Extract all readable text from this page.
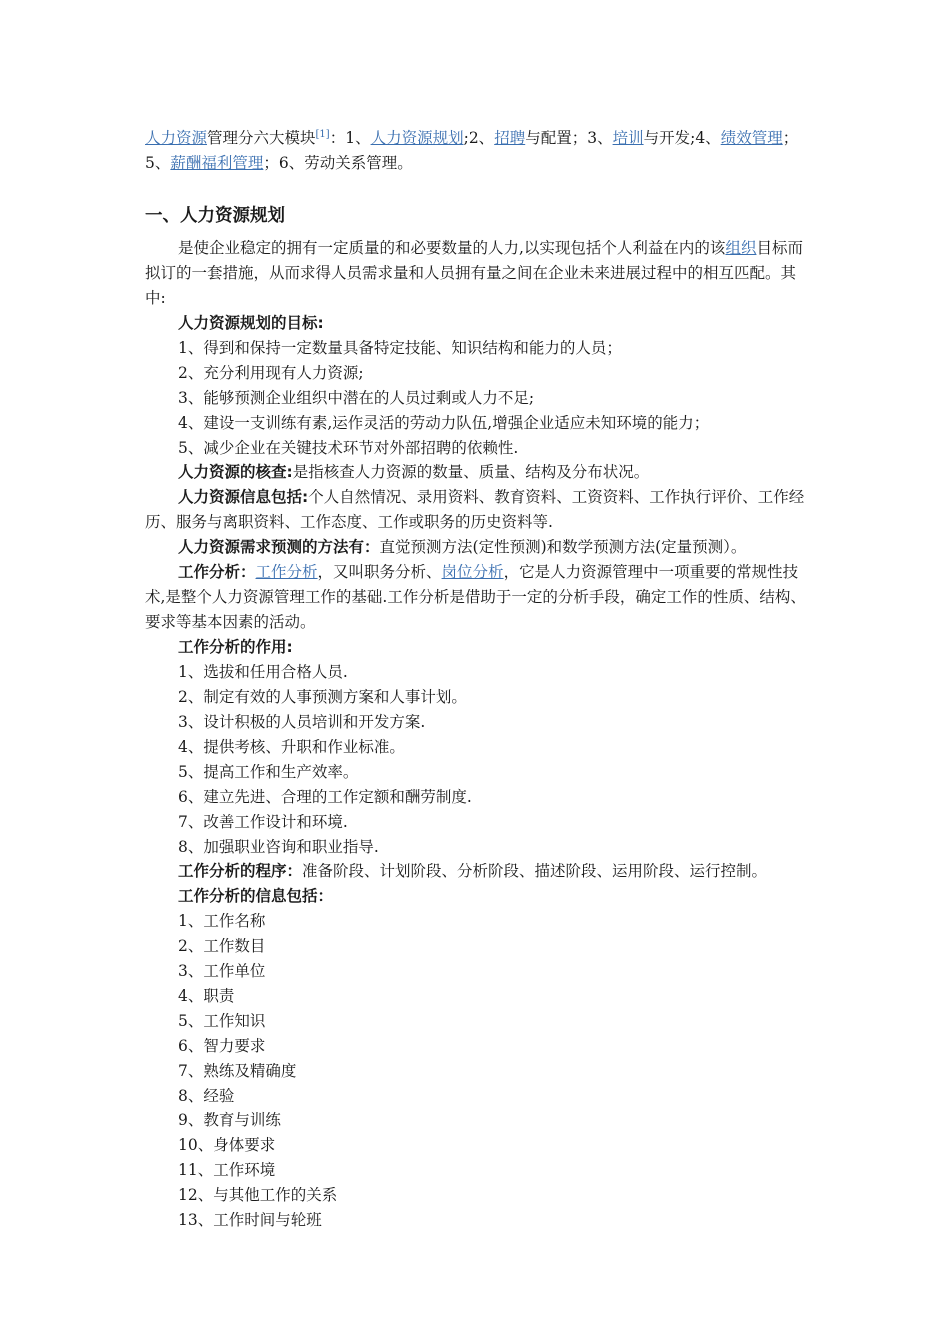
人力资源管理分六大模块[1]：1、人力资源规划;2、招聘与配置；3、培训与开发;4、绩效管理；5、薪酬福利管理；6、劳动关系管理。

一、人力资源规划

是使企业稳定的拥有一定质量的和必要数量的人力,以实现包括个人利益在内的该组织目标而拟订的一套措施，从而求得人员需求量和人员拥有量之间在企业未来进展过程中的相互匹配。其中:

人力资源规划的目标:
1、得到和保持一定数量具备特定技能、知识结构和能力的人员；
2、充分利用现有人力资源;
3、能够预测企业组织中潜在的人员过剩或人力不足;
4、建设一支训练有素,运作灵活的劳动力队伍,增强企业适应未知环境的能力；
5、减少企业在关键技术环节对外部招聘的依赖性.
人力资源的核查:是指核查人力资源的数量、质量、结构及分布状况。

人力资源信息包括:个人自然情况、录用资料、教育资料、工资资料、工作执行评价、工作经历、服务与离职资料、工作态度、工作或职务的历史资料等.

人力资源需求预测的方法有：直觉预测方法(定性预测)和数学预测方法(定量预测）。

工作分析：工作分析，又叫职务分析、岗位分析，它是人力资源管理中一项重要的常规性技术,是整个人力资源管理工作的基础.工作分析是借助于一定的分析手段，确定工作的性质、结构、要求等基本因素的活动。

工作分析的作用:
1、选拔和任用合格人员.
2、制定有效的人事预测方案和人事计划。
3、设计积极的人员培训和开发方案.
4、提供考核、升职和作业标准。
5、提高工作和生产效率。
6、建立先进、合理的工作定额和酬劳制度.
7、改善工作设计和环境.
8、加强职业咨询和职业指导.
工作分析的程序：准备阶段、计划阶段、分析阶段、描述阶段、运用阶段、运行控制。
工作分析的信息包括：
1、工作名称
2、工作数目
3、工作单位
4、职责
5、工作知识
6、智力要求
7、熟练及精确度
8、经验
9、教育与训练
10、身体要求
11、工作环境
12、与其他工作的关系
13、工作时间与轮班
